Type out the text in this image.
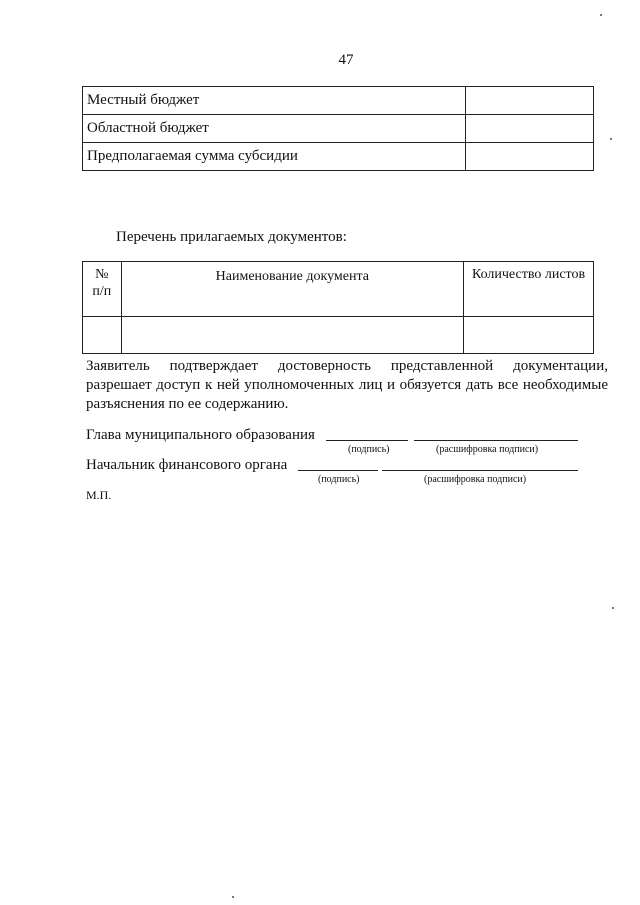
47
Местный бюджет	
Областной бюджет	
Предполагаемая сумма субсидии	
Перечень прилагаемых документов:
№
п/п	Наименование документа	Количество листов

Заявитель подтверждает достоверность представленной документации, разрешает доступ к ней уполномоченных лиц и обязуется дать все необходимые разъяснения по ее содержанию.
Глава муниципального образования
(подпись)	(расшифровка подписи)
Начальник финансового органа
(подпись)	(расшифровка подписи)
М.П.
